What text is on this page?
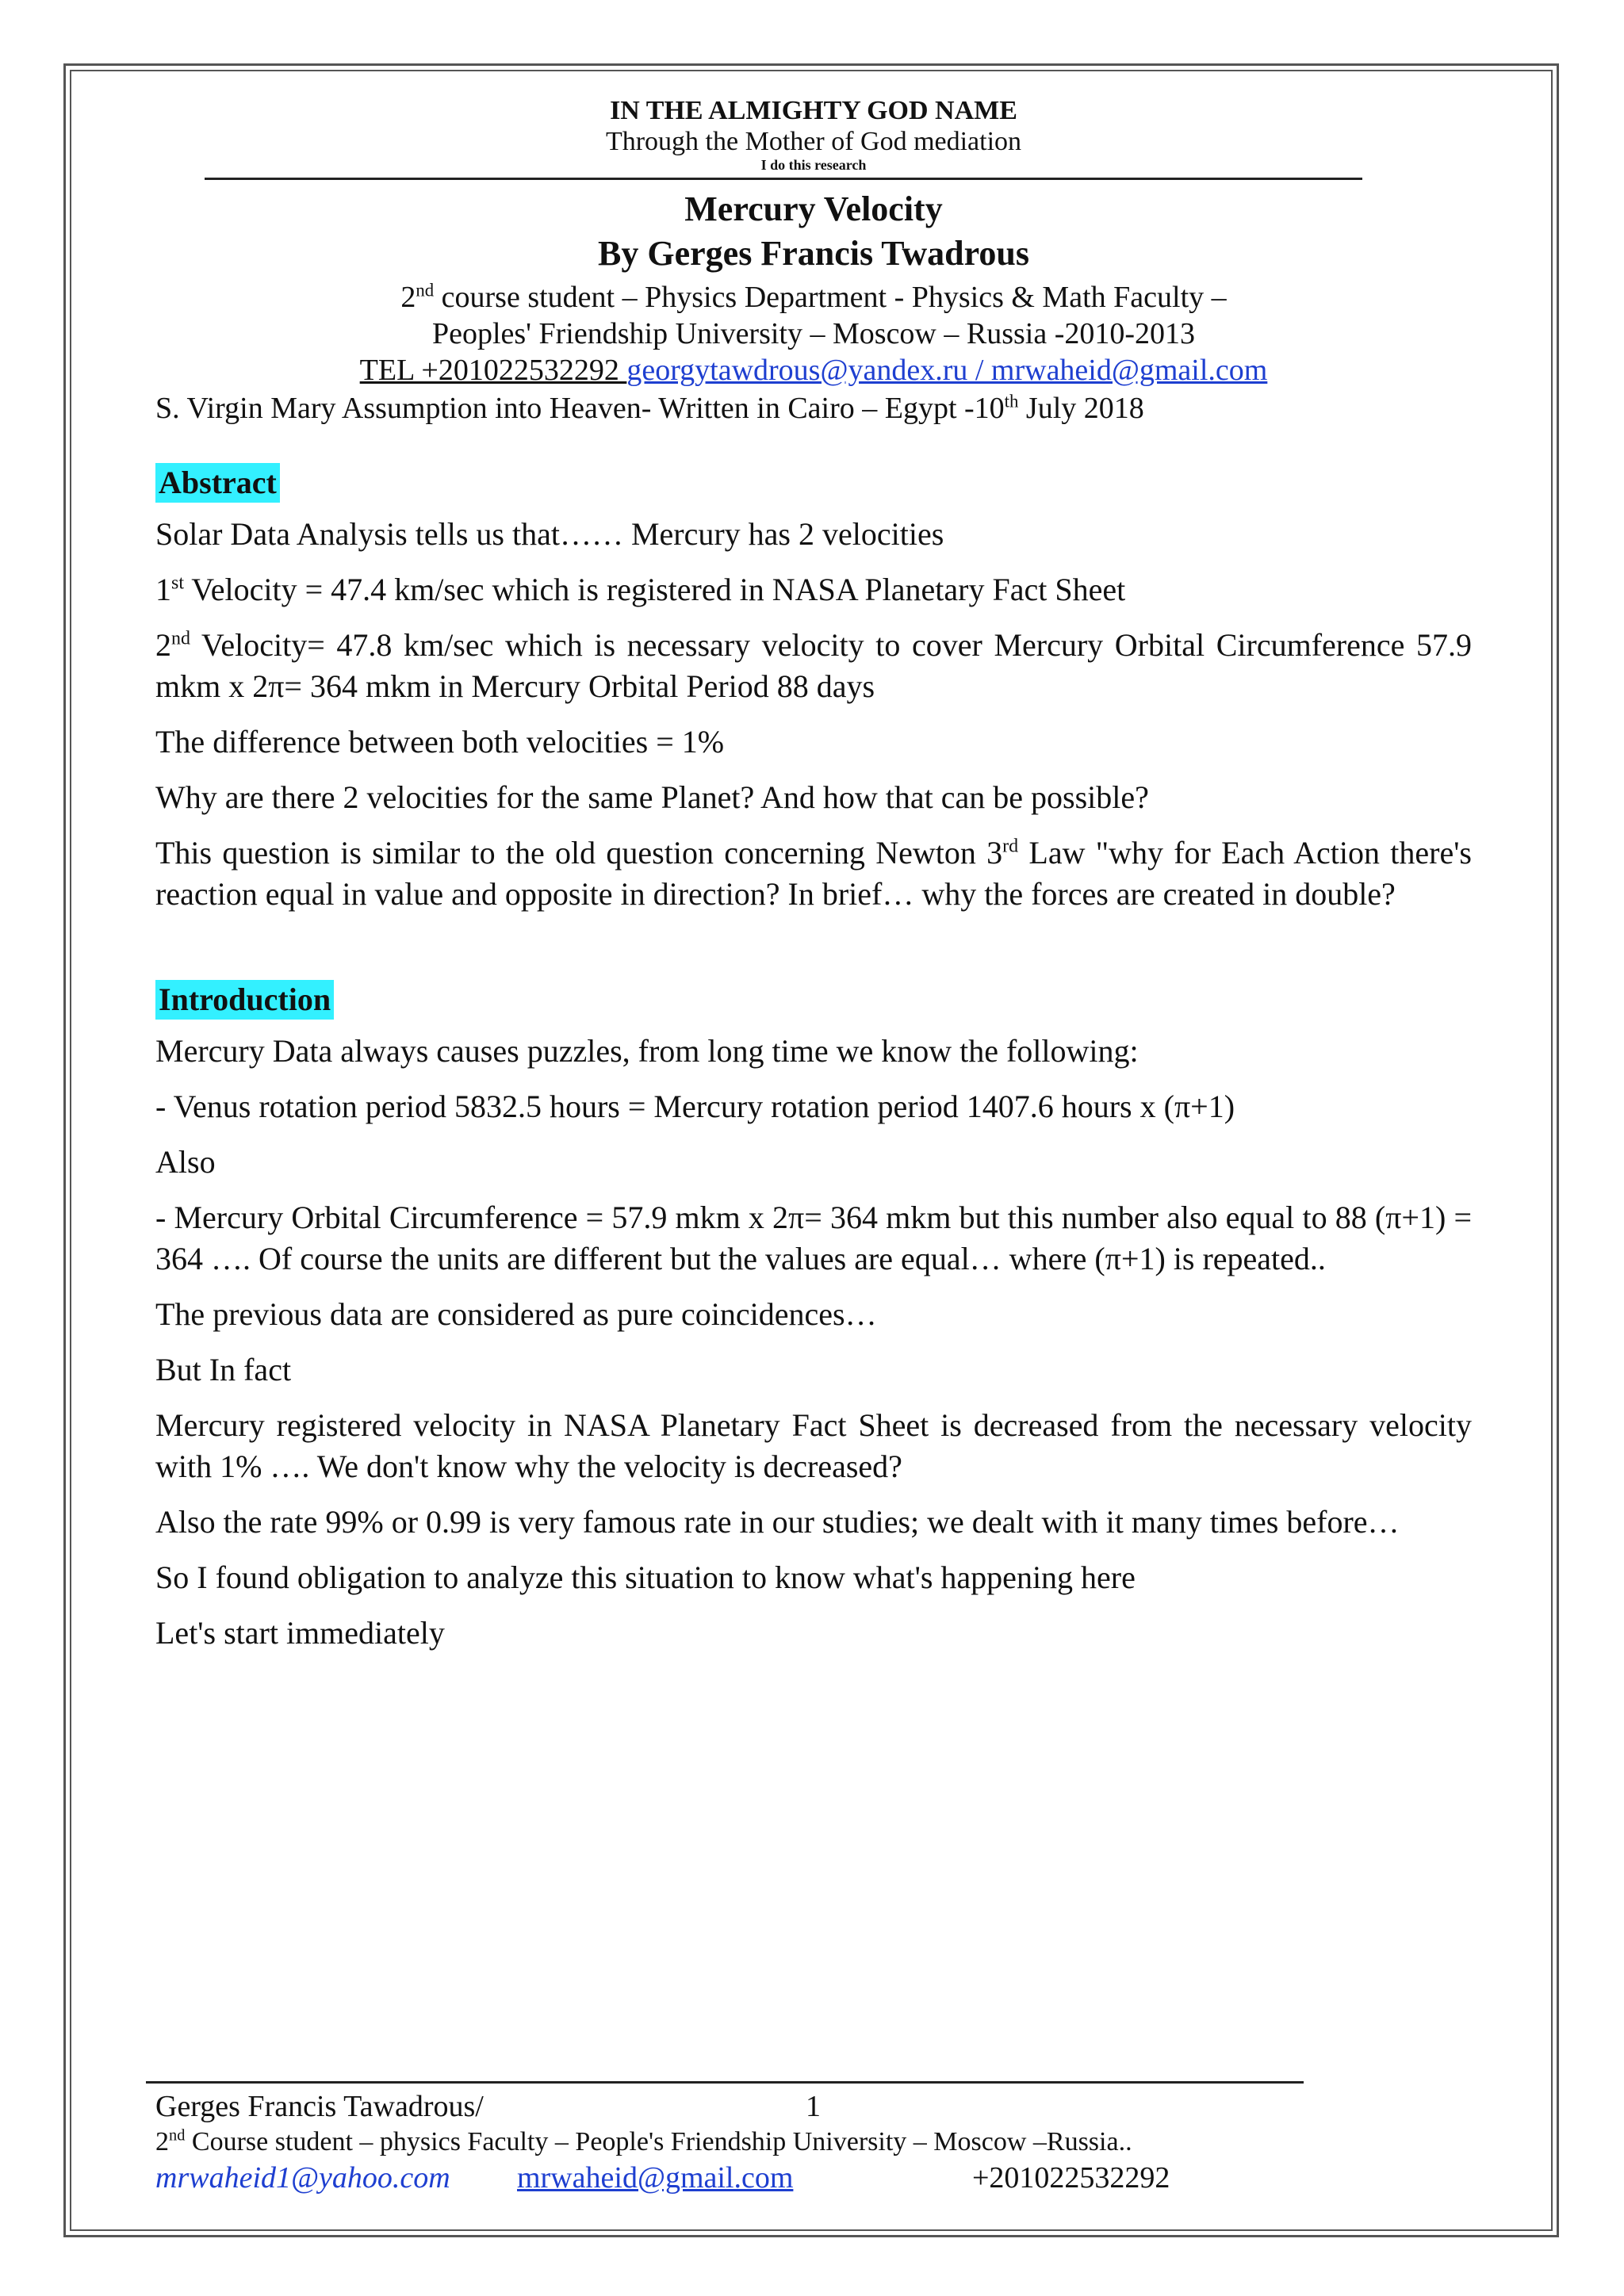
IN THE ALMIGHTY GOD NAME
Through the Mother of God mediation
I do this research
Mercury Velocity
By Gerges Francis Twadrous
2nd course student – Physics Department - Physics & Math Faculty –
Peoples' Friendship University – Moscow – Russia -2010-2013
TEL +201022532292 georgytawdrous@yandex.ru / mrwaheid@gmail.com
S. Virgin Mary Assumption into Heaven- Written in Cairo – Egypt -10th July 2018
Abstract

Solar Data Analysis tells us that…… Mercury has 2 velocities

1st Velocity = 47.4 km/sec which is registered in NASA Planetary Fact Sheet

2nd Velocity= 47.8 km/sec which is necessary velocity to cover Mercury Orbital Circumference 57.9 mkm x 2π= 364 mkm in Mercury Orbital Period 88 days

The difference between both velocities = 1%

Why are there 2 velocities for the same Planet? And how that can be possible?

This question is similar to the old question concerning Newton 3rd Law "why for Each Action there's reaction equal in value and opposite in direction? In brief… why the forces are created in double?

Introduction

Mercury Data always causes puzzles, from long time we know the following:

- Venus rotation period 5832.5 hours = Mercury rotation period 1407.6 hours x (π+1)

Also

- Mercury Orbital Circumference = 57.9 mkm x 2π= 364 mkm but this number also equal to 88 (π+1) = 364 …. Of course the units are different but the values are equal… where (π+1) is repeated..

The previous data are considered as pure coincidences…

But In fact

Mercury registered velocity in NASA Planetary Fact Sheet is decreased from the necessary velocity with 1% …. We don't know why the velocity is decreased?

Also the rate 99% or 0.99 is very famous rate in our studies; we dealt with it many times before…

So I found obligation to analyze this situation to know what's happening here

Let's start immediately

Gerges Francis Tawadrous/	1
2nd Course student – physics Faculty – People's Friendship University – Moscow –Russia..
mrwaheid1@yahoo.com mrwaheid@gmail.com	+201022532292
